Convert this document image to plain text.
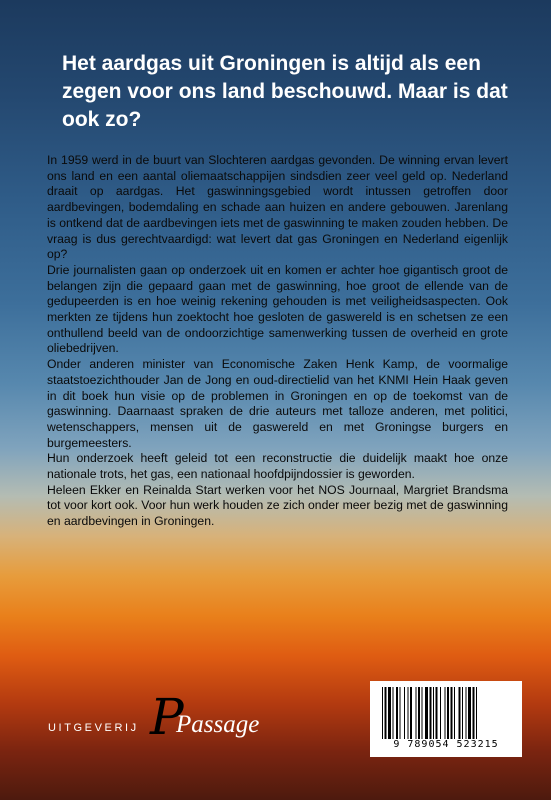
Het aardgas uit Groningen is altijd als een zegen voor ons land beschouwd. Maar is dat ook zo?

In 1959 werd in de buurt van Slochteren aardgas gevonden. De winning ervan levert ons land en een aantal oliemaatschappijen sindsdien zeer veel geld op. Nederland draait op aardgas. Het gaswinningsgebied wordt intussen getroffen door aardbevingen, bodemdaling en schade aan huizen en andere gebouwen. Jarenlang is ontkend dat de aardbevingen iets met de gaswinning te maken zouden hebben. De vraag is dus gerechtvaardigd: wat levert dat gas Groningen en Nederland eigenlijk op?

Drie journalisten gaan op onderzoek uit en komen er achter hoe gigantisch groot de belangen zijn die gepaard gaan met de gaswinning, hoe groot de ellende van de gedupeerden is en hoe weinig rekening gehouden is met veiligheidsaspecten. Ook merkten ze tijdens hun zoektocht hoe gesloten de gaswereld is en schetsen ze een onthullend beeld van de ondoorzichtige samenwerking tussen de overheid en grote oliebedrijven.

Onder anderen minister van Economische Zaken Henk Kamp, de voormalige staatstoezichthouder Jan de Jong en oud-directielid van het KNMI Hein Haak geven in dit boek hun visie op de problemen in Groningen en op de toekomst van de gaswinning. Daarnaast spraken de drie auteurs met talloze anderen, met politici, wetenschappers, mensen uit de gaswereld en met Groningse burgers en burgemeesters.

Hun onderzoek heeft geleid tot een reconstructie die duidelijk maakt hoe onze nationale trots, het gas, een nationaal hoofdpijndossier is geworden.

Heleen Ekker en Reinalda Start werken voor het NOS Journaal, Margriet Brandsma tot voor kort ook. Voor hun werk houden ze zich onder meer bezig met de gaswinning en aardbevingen in Groningen.

UITGEVERIJ P
Passage
9 789054 523215
